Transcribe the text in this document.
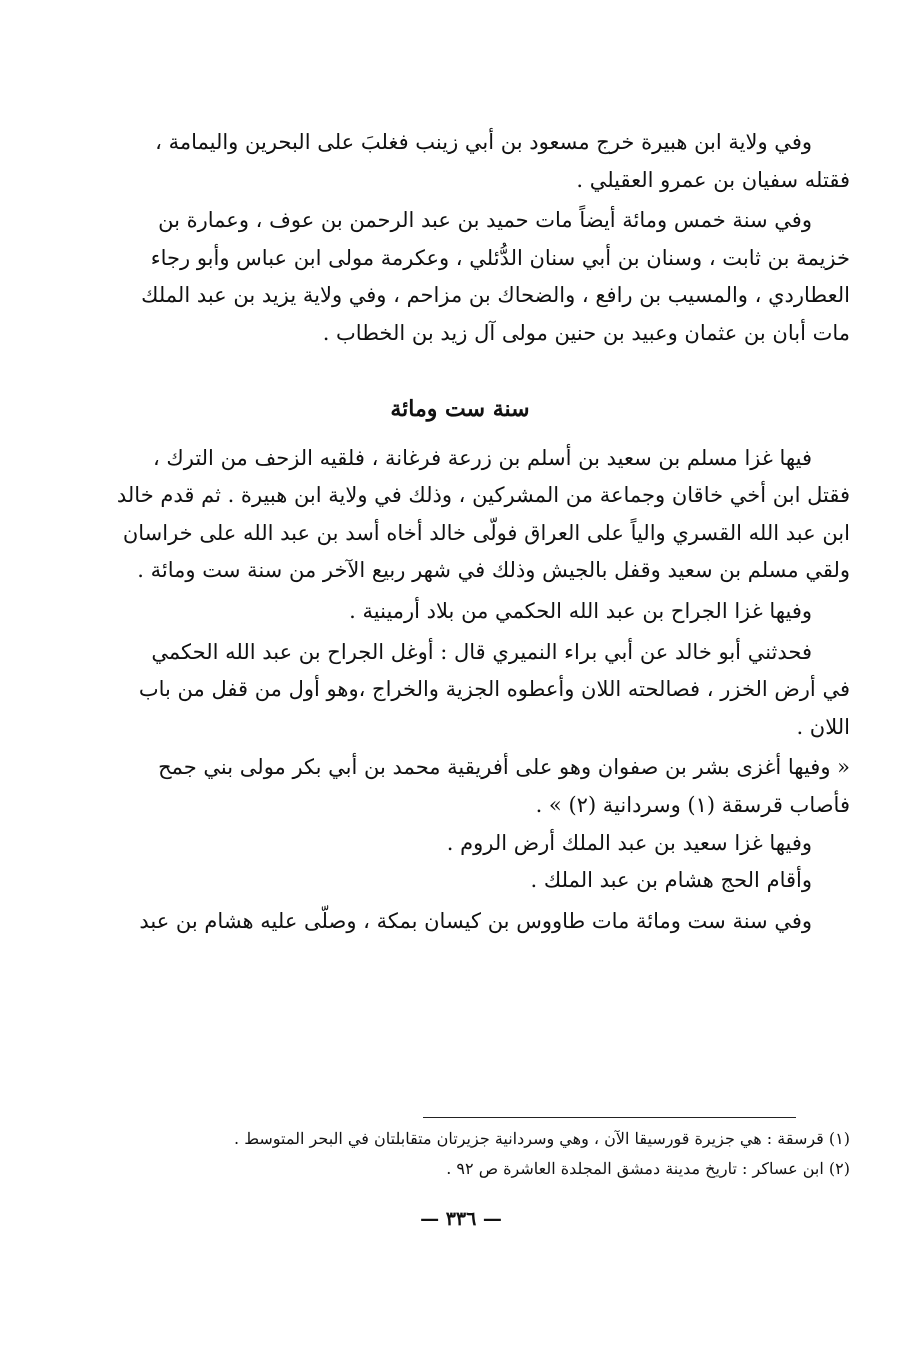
وفي ولاية ابن هبيرة خرج مسعود بن أبي زينب فغلبَ على البحرين واليمامة ،
فقتله سفيان بن عمرو العقيلي .
وفي سنة خمس ومائة أيضاً مات حميد بن عبد الرحمن بن عوف ، وعمارة بن
خزيمة بن ثابت ، وسنان بن أبي سنان الدُّئلي ، وعكرمة مولى ابن عباس وأبو رجاء
العطاردي ، والمسيب بن رافع ، والضحاك بن مزاحم ، وفي ولاية يزيد بن عبد الملك
مات أبان بن عثمان وعبيد بن حنين مولى آل زيد بن الخطاب .
سنة ست ومائة
فيها غزا مسلم بن سعيد بن أسلم بن زرعة فرغانة ، فلقيه الزحف من الترك ،
فقتل ابن أخي خاقان وجماعة من المشركين ، وذلك في ولاية ابن هبيرة . ثم قدم خالد
ابن عبد الله القسري والياً على العراق فولّى خالد أخاه أسد بن عبد الله على خراسان
ولقي مسلم بن سعيد وقفل بالجيش وذلك في شهر ربيع الآخر من سنة ست ومائة .
وفيها غزا الجراح بن عبد الله الحكمي من بلاد أرمينية .
فحدثني أبو خالد عن أبي براء النميري قال : أوغل الجراح بن عبد الله الحكمي
في أرض الخزر ، فصالحته اللان وأعطوه الجزية والخراج ،وهو أول من قفل من باب
اللان .
« وفيها أغزى بشر بن صفوان وهو على أفريقية محمد بن أبي بكر مولى بني جمح
فأصاب قرسقة (١) وسردانية (٢) » .
وفيها غزا سعيد بن عبد الملك أرض الروم .
وأقام الحج هشام بن عبد الملك .
وفي سنة ست ومائة مات طاووس بن كيسان بمكة ، وصلّى عليه هشام بن عبد
(١) قرسقة : هي جزيرة قورسيقا الآن ، وهي وسردانية جزيرتان متقابلتان في البحر المتوسط .
(٢) ابن عساكر : تاريخ مدينة دمشق المجلدة العاشرة ص ٩٢ .
— ٣٣٦ —
